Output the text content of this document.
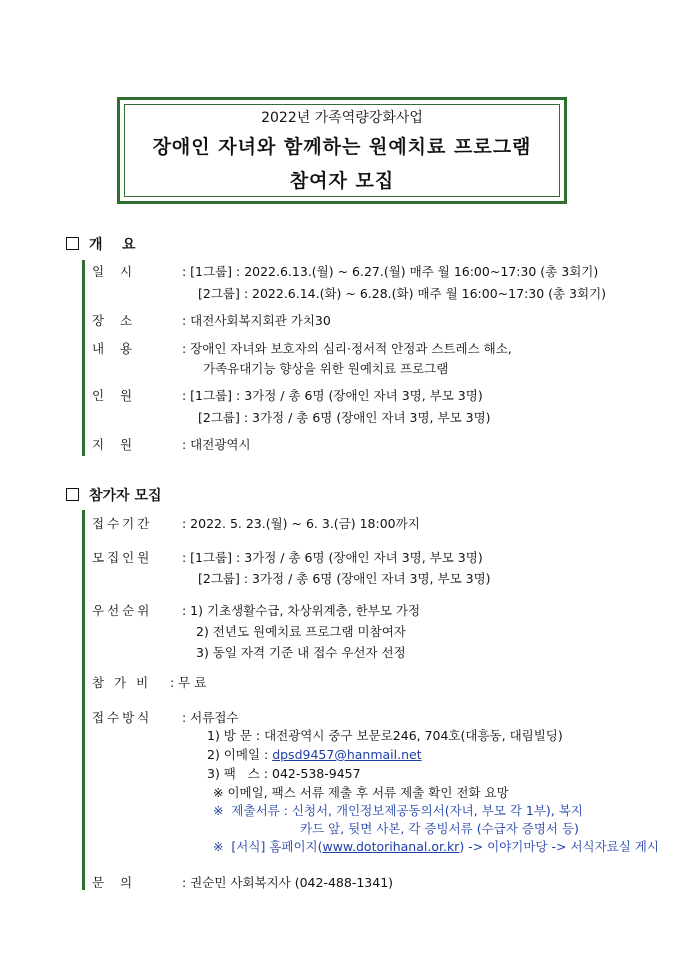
2022년 가족역량강화사업
장애인 자녀와 함께하는 원예치료 프로그램
참여자 모집
개    요
일    시	: [1그룹] : 2022.6.13.(월) ~ 6.27.(월) 매주 월 16:00~17:30 (총 3회기)
[2그룹] : 2022.6.14.(화) ~ 6.28.(화) 매주 월 16:00~17:30 (총 3회기)
장    소	: 대전사회복지회관 가치30
내    용	: 장애인 자녀와 보호자의 심리·정서적 안정과 스트레스 해소,
가족유대기능 향상을 위한 원예치료 프로그램
인    원	: [1그룹] : 3가정 / 총 6명 (장애인 자녀 3명, 부모 3명)
[2그룹] : 3가정 / 총 6명 (장애인 자녀 3명, 부모 3명)
지    원	: 대전광역시
참가자 모집
접수기간 : 2022. 5. 23.(월) ~ 6. 3.(금) 18:00까지
모집인원 : [1그룹] : 3가정 / 총 6명 (장애인 자녀 3명, 부모 3명)
[2그룹] : 3가정 / 총 6명 (장애인 자녀 3명, 부모 3명)
우선순위 : 1) 기초생활수급, 차상위계층, 한부모 가정
2) 전년도 원예치료 프로그램 미참여자
3) 동일 자격 기준 내 접수 우선자 선정
참 가 비 : 무 료
접수방식 : 서류접수
1) 방 문 : 대전광역시 중구 보문로246, 704호(대흥동, 대림빌딩)
2) 이메일 : dpsd9457@hanmail.net
3) 팩   스 : 042-538-9457
※ 이메일, 팩스 서류 제출 후 서류 제출 확인 전화 요망
※  제출서류 : 신청서, 개인정보제공동의서(자녀, 부모 각 1부), 복지
카드 앞, 뒷면 사본, 각 증빙서류 (수급자 증명서 등)
※  [서식] 홈페이지(www.dotorihanal.or.kr) -> 이야기마당 -> 서식자료실 게시
문    의	: 권순민 사회복지사 (042-488-1341)
